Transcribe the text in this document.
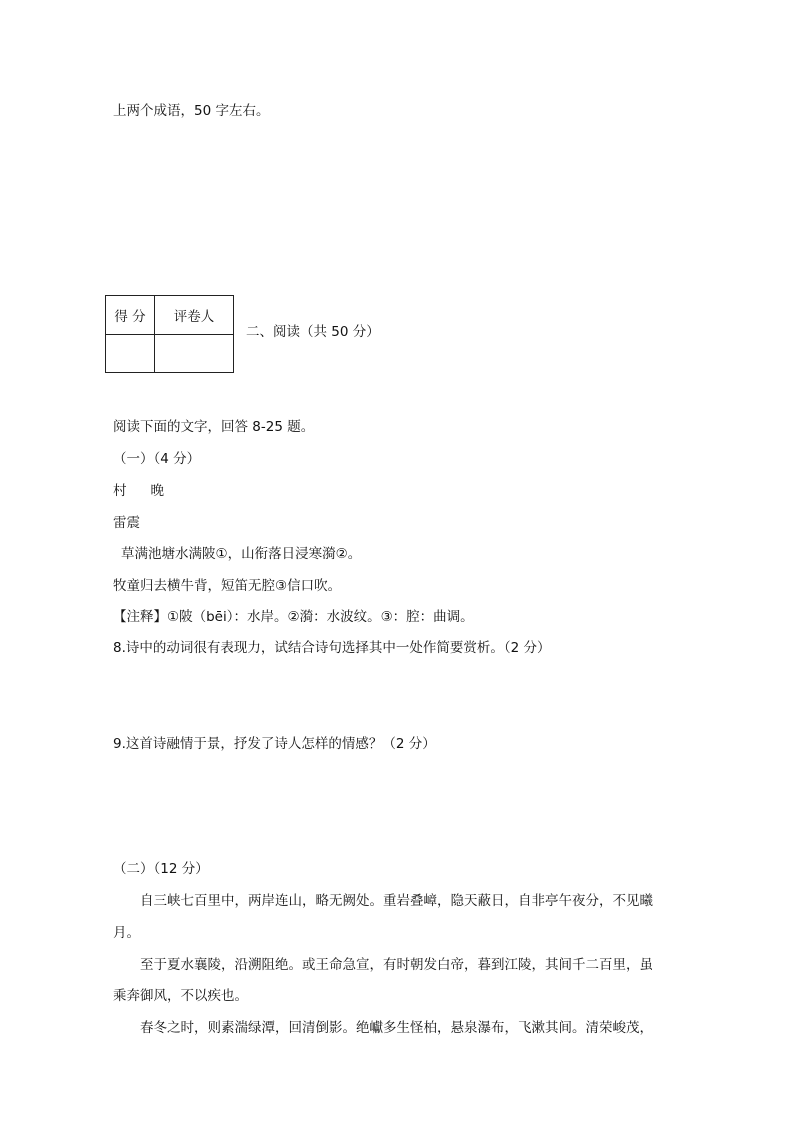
上两个成语，50 字左右。
得 分	评卷人

二、阅读（共 50 分）
阅读下面的文字，回答 8-25 题。
（一）（4 分）
村 晚
雷震
草满池塘水满陂①，山衔落日浸寒漪②。
牧童归去横牛背，短笛无腔③信口吹。
【注释】①陂（bēi）：水岸。②漪：水波纹。③：腔：曲调。
8.诗中的动词很有表现力，试结合诗句选择其中一处作简要赏析。（2 分）
9.这首诗融情于景，抒发了诗人怎样的情感？（2 分）
（二）（12 分）
自三峡七百里中，两岸连山，略无阙处。重岩叠嶂，隐天蔽日，自非亭午夜分，不见曦
月。
至于夏水襄陵，沿溯阻绝。或王命急宣，有时朝发白帝，暮到江陵，其间千二百里，虽
乘奔御风，不以疾也。
春冬之时，则素湍绿潭，回清倒影。绝巘多生怪柏，悬泉瀑布，飞漱其间。清荣峻茂，
